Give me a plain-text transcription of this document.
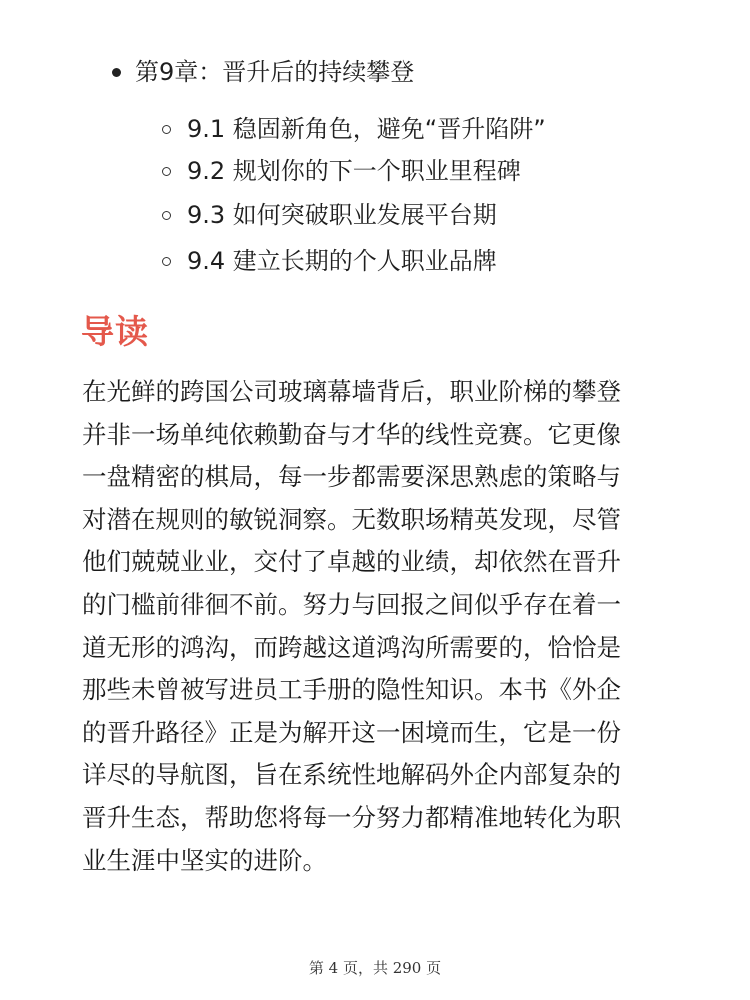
第9章：晋升后的持续攀登
9.1 稳固新角色，避免“晋升陷阱”
9.2 规划你的下一个职业里程碑
9.3 如何突破职业发展平台期
9.4 建立长期的个人职业品牌
导读
在光鲜的跨国公司玻璃幕墙背后，职业阶梯的攀登
并非一场单纯依赖勤奋与才华的线性竞赛。它更像
一盘精密的棋局，每一步都需要深思熟虑的策略与
对潜在规则的敏锐洞察。无数职场精英发现，尽管
他们兢兢业业，交付了卓越的业绩，却依然在晋升
的门槛前徘徊不前。努力与回报之间似乎存在着一
道无形的鸿沟，而跨越这道鸿沟所需要的，恰恰是
那些未曾被写进员工手册的隐性知识。本书《外企
的晋升路径》正是为解开这一困境而生，它是一份
详尽的导航图，旨在系统性地解码外企内部复杂的
晋升生态，帮助您将每一分努力都精准地转化为职
业生涯中坚实的进阶。
第 4 页，共 290 页
